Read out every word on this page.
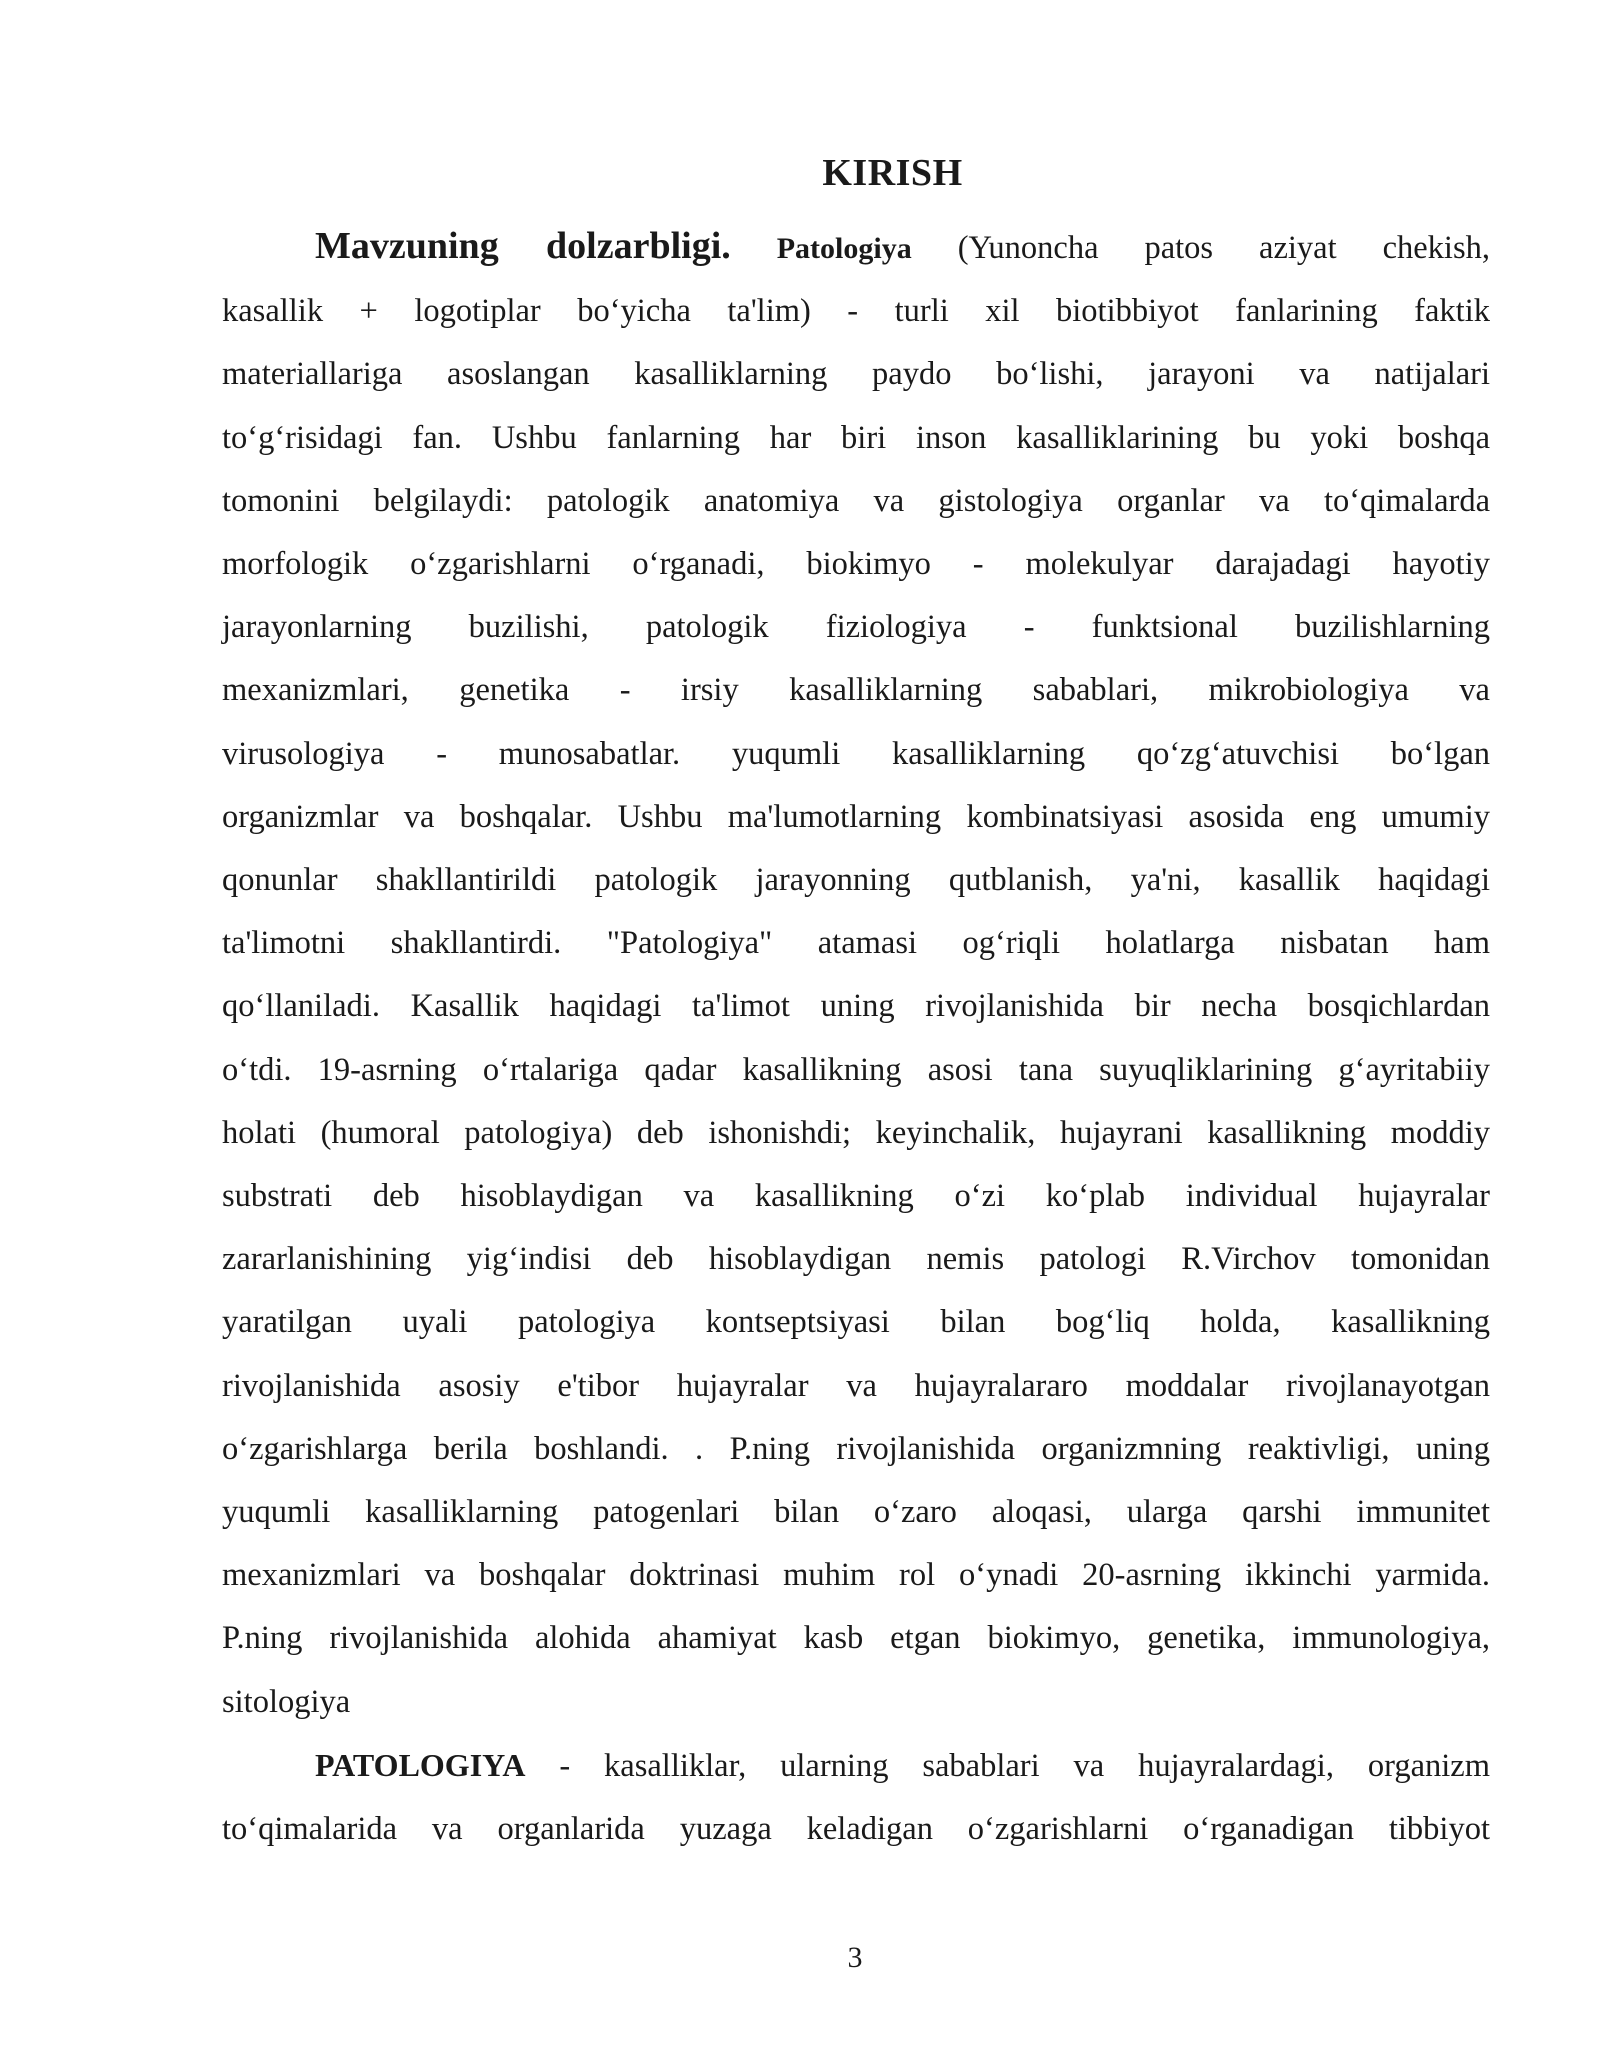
KIRISH
Mavzuning dolzarbligi. Patologiya (Yunoncha patos aziyat chekish,
kasallik + logotiplar bo‘yicha ta'lim) - turli xil biotibbiyot fanlarining faktik
materiallariga asoslangan kasalliklarning paydo bo‘lishi, jarayoni va natijalari
to‘g‘risidagi fan. Ushbu fanlarning har biri inson kasalliklarining bu yoki boshqa
tomonini belgilaydi: patologik anatomiya va gistologiya organlar va to‘qimalarda
morfologik o‘zgarishlarni o‘rganadi, biokimyo - molekulyar darajadagi hayotiy
jarayonlarning buzilishi, patologik fiziologiya - funktsional buzilishlarning
mexanizmlari, genetika - irsiy kasalliklarning sabablari, mikrobiologiya va
virusologiya - munosabatlar. yuqumli kasalliklarning qo‘zg‘atuvchisi bo‘lgan
organizmlar va boshqalar. Ushbu ma'lumotlarning kombinatsiyasi asosida eng umumiy
qonunlar shakllantirildi patologik jarayonning qutblanish, ya'ni, kasallik haqidagi
ta'limotni shakllantirdi. "Patologiya" atamasi og‘riqli holatlarga nisbatan ham
qo‘llaniladi. Kasallik haqidagi ta'limot uning rivojlanishida bir necha bosqichlardan
o‘tdi. 19-asrning o‘rtalariga qadar kasallikning asosi tana suyuqliklarining g‘ayritabiiy
holati (humoral patologiya) deb ishonishdi; keyinchalik, hujayrani kasallikning moddiy
substrati deb hisoblaydigan va kasallikning o‘zi ko‘plab individual hujayralar
zararlanishining yig‘indisi deb hisoblaydigan nemis patologi R.Virchov tomonidan
yaratilgan uyali patologiya kontseptsiyasi bilan bog‘liq holda, kasallikning
rivojlanishida asosiy e'tibor hujayralar va hujayralararo moddalar rivojlanayotgan
o‘zgarishlarga berila boshlandi. . P.ning rivojlanishida organizmning reaktivligi, uning
yuqumli kasalliklarning patogenlari bilan o‘zaro aloqasi, ularga qarshi immunitet
mexanizmlari va boshqalar doktrinasi muhim rol o‘ynadi 20-asrning ikkinchi yarmida.
P.ning rivojlanishida alohida ahamiyat kasb etgan biokimyo, genetika, immunologiya,
sitologiya
PATOLOGIYA - kasalliklar, ularning sabablari va hujayralardagi, organizm
to‘qimalarida va organlarida yuzaga keladigan o‘zgarishlarni o‘rganadigan tibbiyot
3
